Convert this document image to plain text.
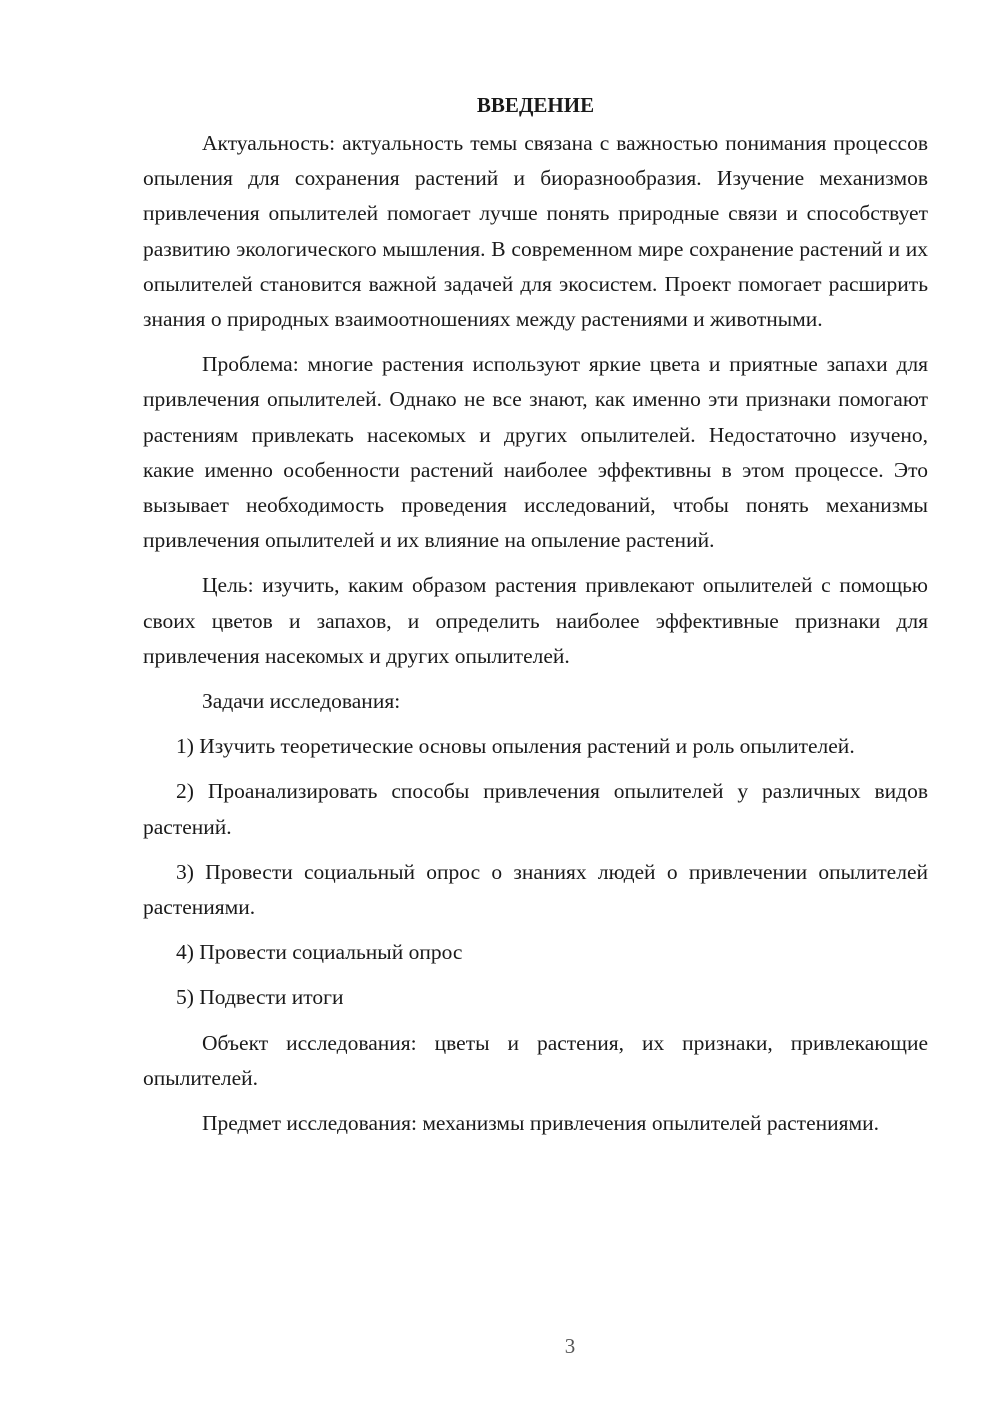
ВВЕДЕНИЕ

Актуальность: актуальность темы связана с важностью понимания процессов опыления для сохранения растений и биоразнообразия. Изучение механизмов привлечения опылителей помогает лучше понять природные связи и способствует развитию экологического мышления. В современном мире сохранение растений и их опылителей становится важной задачей для экосистем. Проект помогает расширить знания о природных взаимоотношениях между растениями и животными.

Проблема: многие растения используют яркие цвета и приятные запахи для привлечения опылителей. Однако не все знают, как именно эти признаки помогают растениям привлекать насекомых и других опылителей. Недостаточно изучено, какие именно особенности растений наиболее эффективны в этом процессе. Это вызывает необходимость проведения исследований, чтобы понять механизмы привлечения опылителей и их влияние на опыление растений.

Цель: изучить, каким образом растения привлекают опылителей с помощью своих цветов и запахов, и определить наиболее эффективные признаки для привлечения насекомых и других опылителей.

Задачи исследования:

1) Изучить теоретические основы опыления растений и роль опылителей.

2) Проанализировать способы привлечения опылителей у различных видов растений.

3) Провести социальный опрос о знаниях людей о привлечении опылителей растениями.

4) Провести социальный опрос

5) Подвести итоги

Объект исследования: цветы и растения, их признаки, привлекающие опылителей.

Предмет исследования: механизмы привлечения опылителей растениями.

3
